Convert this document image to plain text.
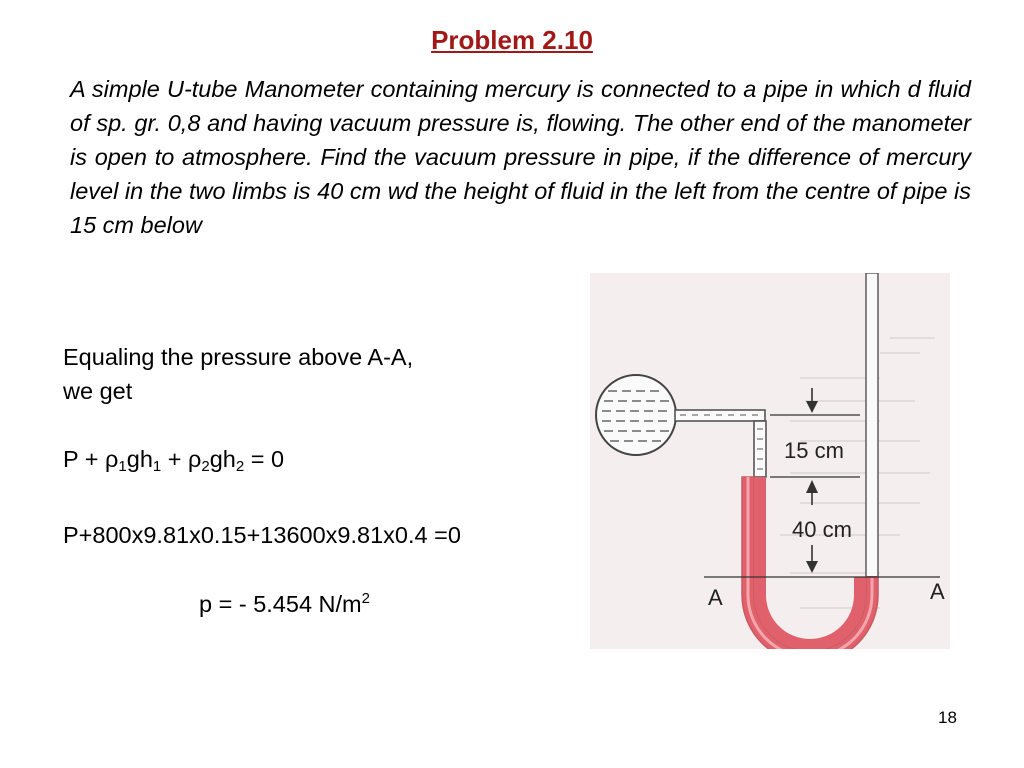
Problem 2.10
A simple U-tube Manometer containing mercury is connected to a pipe in which d fluid of sp. gr. 0,8 and having vacuum pressure is, flowing. The other end of the manometer is open to atmosphere. Find the vacuum pressure in pipe, if the difference of mercury level in the two limbs is 40 cm wd the height of fluid in the left from the centre of pipe is 15 cm below
Equaling the pressure above A-A,
we get
$P + \rho_1gh_1 + \rho_2gh_2 = 0$
P+800x9.81x0.15+13600x9.81x0.4 =0
p = - 5.454 $N/m^2$
15 cm
40 cm
A	A
18
